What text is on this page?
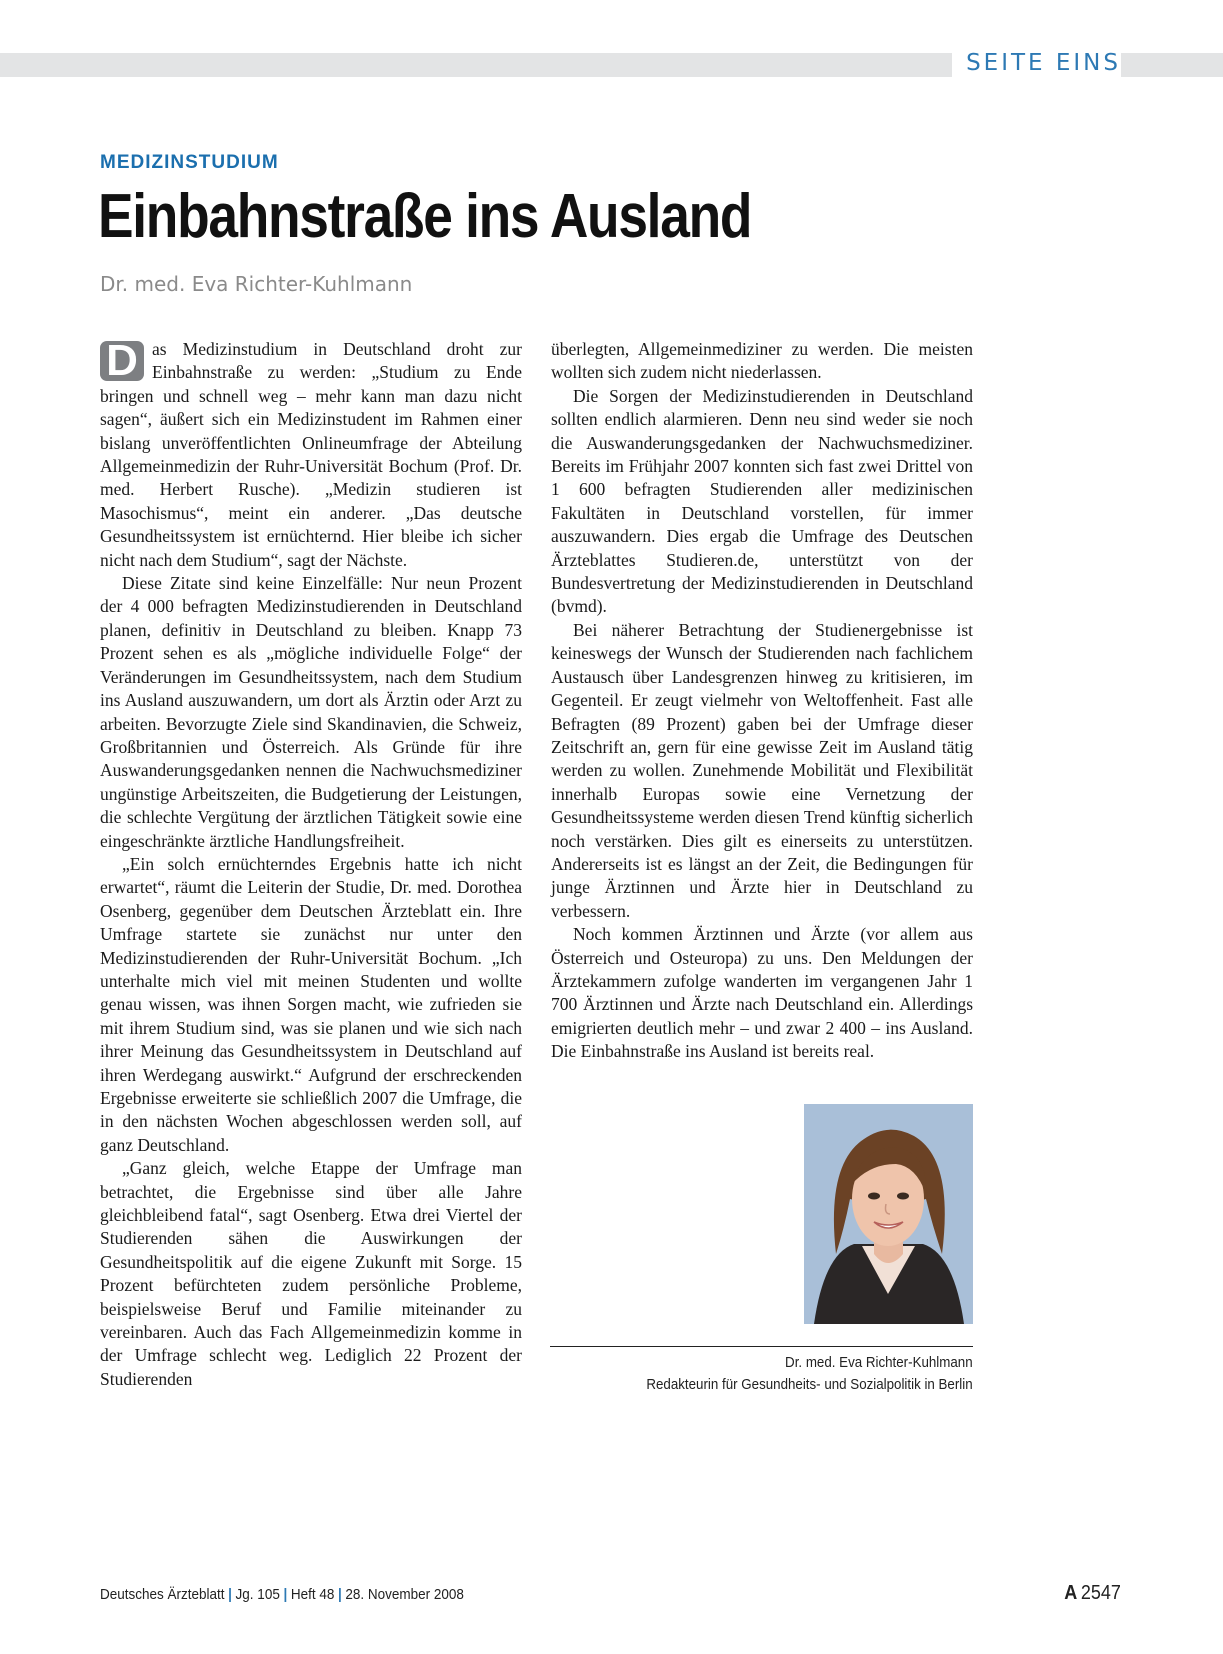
SEITE EINS
MEDIZINSTUDIUM
Einbahnstraße ins Ausland
Dr. med. Eva Richter-Kuhlmann

D as Medizinstudium in Deutschland droht zur Einbahnstraße zu werden: „Studium zu Ende bringen und schnell weg – mehr kann man dazu nicht sagen“, äußert sich ein Medizinstudent im Rahmen einer bislang unveröffentlichten Onlineumfrage der Abteilung Allgemeinmedizin der Ruhr-Universität Bochum (Prof. Dr. med. Herbert Rusche). „Medizin studieren ist Masochismus“, meint ein anderer. „Das deutsche Gesundheitssystem ist ernüchternd. Hier bleibe ich sicher nicht nach dem Studium“, sagt der Nächste.

Diese Zitate sind keine Einzelfälle: Nur neun Prozent der 4 000 befragten Medizinstudierenden in Deutschland planen, definitiv in Deutschland zu bleiben. Knapp 73 Prozent sehen es als „mögliche individuelle Folge“ der Veränderungen im Gesundheitssystem, nach dem Studium ins Ausland auszuwandern, um dort als Ärztin oder Arzt zu arbeiten. Bevorzugte Ziele sind Skandinavien, die Schweiz, Großbritannien und Österreich. Als Gründe für ihre Auswanderungsgedanken nennen die Nachwuchsmediziner ungünstige Arbeitszeiten, die Budgetierung der Leistungen, die schlechte Vergütung der ärztlichen Tätigkeit sowie eine eingeschränkte ärztliche Handlungsfreiheit.

„Ein solch ernüchterndes Ergebnis hatte ich nicht erwartet“, räumt die Leiterin der Studie, Dr. med. Dorothea Osenberg, gegenüber dem Deutschen Ärzteblatt ein. Ihre Umfrage startete sie zunächst nur unter den Medizinstudierenden der Ruhr-Universität Bochum. „Ich unterhalte mich viel mit meinen Studenten und wollte genau wissen, was ihnen Sorgen macht, wie zufrieden sie mit ihrem Studium sind, was sie planen und wie sich nach ihrer Meinung das Gesundheitssystem in Deutschland auf ihren Werdegang auswirkt.“ Aufgrund der erschreckenden Ergebnisse erweiterte sie schließlich 2007 die Umfrage, die in den nächsten Wochen abgeschlossen werden soll, auf ganz Deutschland.

„Ganz gleich, welche Etappe der Umfrage man betrachtet, die Ergebnisse sind über alle Jahre gleichbleibend fatal“, sagt Osenberg. Etwa drei Viertel der Studierenden sähen die Auswirkungen der Gesundheitspolitik auf die eigene Zukunft mit Sorge. 15 Prozent befürchteten zudem persönliche Probleme, beispielsweise Beruf und Familie miteinander zu vereinbaren. Auch das Fach Allgemeinmedizin komme in der Umfrage schlecht weg. Lediglich 22 Prozent der Studierenden

überlegten, Allgemeinmediziner zu werden. Die meisten wollten sich zudem nicht niederlassen.

Die Sorgen der Medizinstudierenden in Deutschland sollten endlich alarmieren. Denn neu sind weder sie noch die Auswanderungsgedanken der Nachwuchsmediziner. Bereits im Frühjahr 2007 konnten sich fast zwei Drittel von 1 600 befragten Studierenden aller medizinischen Fakultäten in Deutschland vorstellen, für immer auszuwandern. Dies ergab die Umfrage des Deutschen Ärzteblattes Studieren.de, unterstützt von der Bundesvertretung der Medizinstudierenden in Deutschland (bvmd).

Bei näherer Betrachtung der Studienergebnisse ist keineswegs der Wunsch der Studierenden nach fachlichem Austausch über Landesgrenzen hinweg zu kritisieren, im Gegenteil. Er zeugt vielmehr von Weltoffenheit. Fast alle Befragten (89 Prozent) gaben bei der Umfrage dieser Zeitschrift an, gern für eine gewisse Zeit im Ausland tätig werden zu wollen. Zunehmende Mobilität und Flexibilität innerhalb Europas sowie eine Vernetzung der Gesundheitssysteme werden diesen Trend künftig sicherlich noch verstärken. Dies gilt es einerseits zu unterstützen. Andererseits ist es längst an der Zeit, die Bedingungen für junge Ärztinnen und Ärzte hier in Deutschland zu verbessern.

Noch kommen Ärztinnen und Ärzte (vor allem aus Österreich und Osteuropa) zu uns. Den Meldungen der Ärztekammern zufolge wanderten im vergangenen Jahr 1 700 Ärztinnen und Ärzte nach Deutschland ein. Allerdings emigrierten deutlich mehr – und zwar 2 400 – ins Ausland. Die Einbahnstraße ins Ausland ist bereits real.

Dr. med. Eva Richter-Kuhlmann
Redakteurin für Gesundheits- und Sozialpolitik in Berlin
Deutsches Ärzteblatt | Jg. 105 | Heft 48 | 28. November 2008	A 2547
